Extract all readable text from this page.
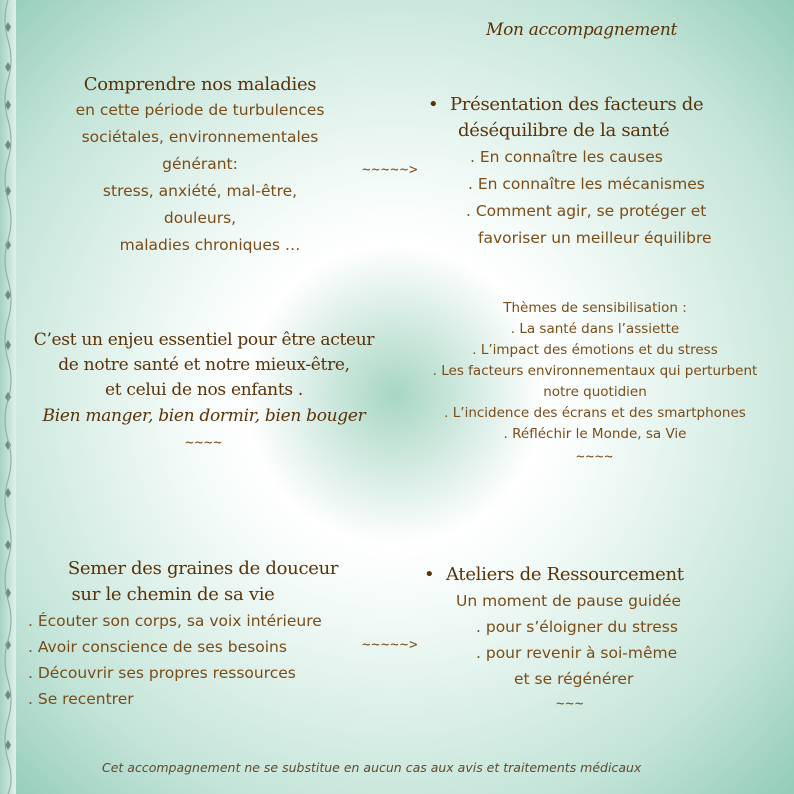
Mon accompagnement
Comprendre nos maladies
en cette période de turbulences
sociétales, environnementales
générant:
stress, anxiété, mal-être,
douleurs,
maladies chroniques …
~~~~~>
• Présentation des facteurs de
déséquilibre de la santé
. En connaître les causes
. En connaître les mécanismes
. Comment agir, se protéger et
favoriser un meilleur équilibre
C’est un enjeu essentiel pour être acteur
de notre santé et notre mieux-être,
et celui de nos enfants .
Bien manger, bien dormir, bien bouger
~~~~
Thèmes de sensibilisation :
. La santé dans l’assiette
. L’impact des émotions et du stress
. Les facteurs environnementaux qui perturbent
notre quotidien
. L’incidence des écrans et des smartphones
. Réfléchir le Monde, sa Vie
~~~~
Semer des graines de douceur
sur le chemin de sa vie
. Écouter son corps, sa voix intérieure
. Avoir conscience de ses besoins
. Découvrir ses propres ressources
. Se recentrer
~~~~~>
• Ateliers de Ressourcement
Un moment de pause guidée
. pour s’éloigner du stress
. pour revenir à soi-même
et se régénérer
~~~
Cet accompagnement ne se substitue en aucun cas aux avis et traitements médicaux
